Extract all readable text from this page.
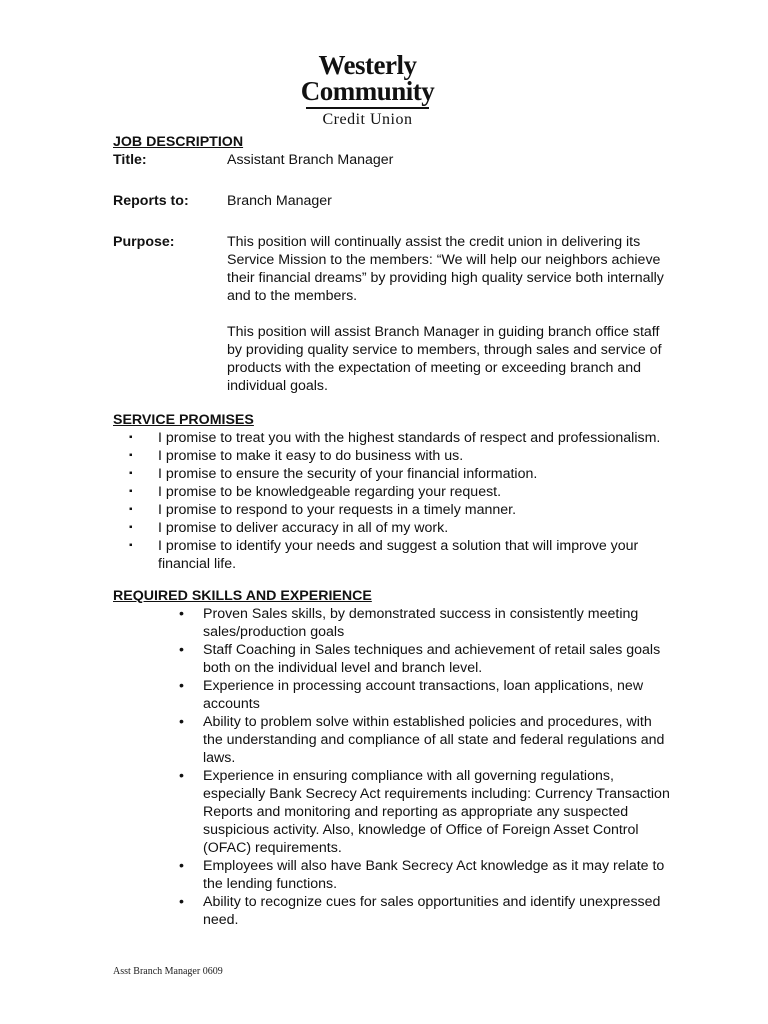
Westerly
Community
Credit Union
JOB DESCRIPTION
Title:	Assistant Branch Manager
Reports to:	Branch Manager
Purpose:	This position will continually assist the credit union in delivering its Service Mission to the members: “We will help our neighbors achieve their financial dreams” by providing high quality service both internally and to the members.

This position will assist Branch Manager in guiding branch office staff by providing quality service to members, through sales and service of products with the expectation of meeting or exceeding branch and individual goals.

SERVICE PROMISES
▪ I promise to treat you with the highest standards of respect and professionalism.
▪ I promise to make it easy to do business with us.
▪ I promise to ensure the security of your financial information.
▪ I promise to be knowledgeable regarding your request.
▪ I promise to respond to your requests in a timely manner.
▪ I promise to deliver accuracy in all of my work.
▪ I promise to identify your needs and suggest a solution that will improve your financial life.
REQUIRED SKILLS AND EXPERIENCE
• Proven Sales skills, by demonstrated success in consistently meeting sales/production goals
• Staff Coaching in Sales techniques and achievement of retail sales goals both on the individual level and branch level.
• Experience in processing account transactions, loan applications, new accounts
• Ability to problem solve within established policies and procedures, with the understanding and compliance of all state and federal regulations and laws.
• Experience in ensuring compliance with all governing regulations, especially Bank Secrecy Act requirements including: Currency Transaction Reports and monitoring and reporting as appropriate any suspected suspicious activity. Also, knowledge of Office of Foreign Asset Control (OFAC) requirements.
• Employees will also have Bank Secrecy Act knowledge as it may relate to the lending functions.
• Ability to recognize cues for sales opportunities and identify unexpressed need.
Asst Branch Manager 0609
